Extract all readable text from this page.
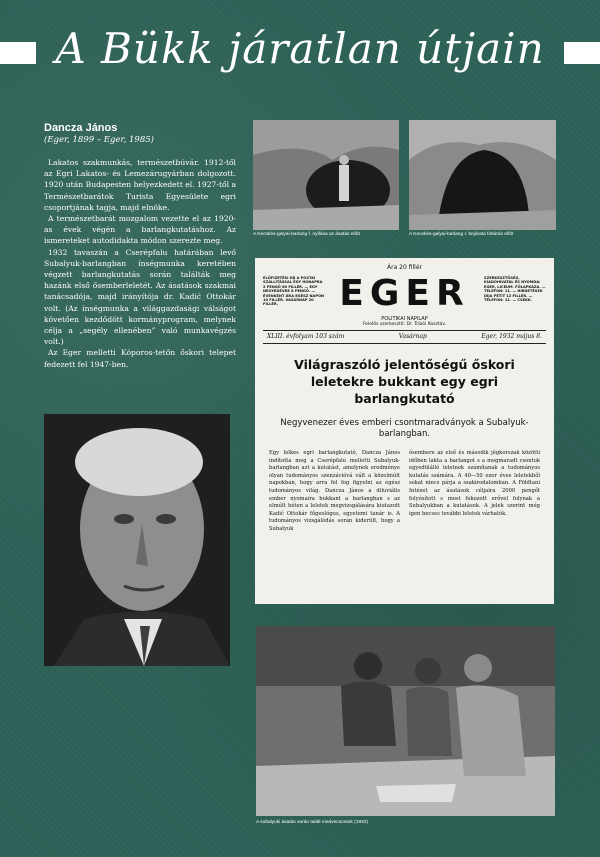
A Bükk járatlan útjain
Dancza János
(Eger, 1899 – Eger, 1985)

Lakatos szakmunkás, természetbúvár. 1912-től az Egri Lakatos- és Lemezárugyárban dolgozott. 1920 után Budapesten helyezkedett el. 1927-től a Természetbarátok Turista Egyesülete egri csoportjának tagja, majd elnöke.

A természetbarát mozgalom vezette el az 1920-as évek végén a barlangkutatáshoz. Az ismereteket autodidakta módon szerezte meg.

1932 tavaszán a Cserépfalu határában levő Subalyuk-barlangban ínségmunka keretében végzett barlangkutatás során találták meg hazánk első ősemberleletét. Az ásatások szakmai tanácsadója, majd irányítója dr. Kadić Ottokár volt. (Az ínségmunka a világgazdasági válságot követően kezdődött kormányprogram, melynek célja a „segély ellenében” való munkavégzés volt.)

Az Eger melletti Kóporos-tetőn őskori telepet fedezett fel 1947-ben.

A Kecskés-galyai-barlang f. nyílása az ásatás előtt	A Kecskés-galyai-barlang I. bejárata feltárás előtt
Ára 20 fillér
ELŐFIZETÉSI DÍJ A POSTAI SZÁLLÍTÁSSAL EGY HÓNAPRA 2 PENGŐ 80 FILLÉR. — EGY NEGYEDÉVRE 8 PENGŐ. — ÉVENKÉNT ÁRA EGÉSZ NAPON 10 FILLÉR. VASÁRNAP 20 FILLÉR.	EGER	SZERKESZTŐSÉG, KIADÓHIVATAL ÉS NYOMDA: EGER, LICEUM. FŐLAPKÁZA. — TELEFON: 11. — HIRDETÉSEK DÍJA PETIT 12 FILLÉR. — TELEFON: 11. — CSEKK.
POLITIKAI NAPILAP
Felelős szerkesztő: Dr. Tribói Kosztáv.
XLIII. évfolyam 103 szám	Vasárnap	Eger, 1932 május 8.
Világraszóló jelentőségű őskori leletekre bukkant egy egri barlangkutató
Negyvenezer éves emberi csontmaradványok a Subalyuk-barlangban.
Egy lelkes egri barlangkutató, Dancza János indította meg a Cserépfalu melletti Subalyuk-barlangban azt a kutatást, amelynek eredménye olyan tudományos szenzációvá vált a közelmúlt napokban, hogy arra fel fog figyelni az egész tudományos világ. Dancza János a diluviális ember nyomaira bukkant a barlangban s az elmúlt héten a leletek megvizsgálására kiutazott Kadić Ottokár főgeológus, egyetemi tanár is. A tudományos vizsgálódás során kiderült, hogy a Subalyuk
ősembere az első és második jégkorszak közötti időben lakta a barlangot s a megmaradt csontok egyedülálló leletnek számítanak a tudományos kutatás számára. A 40—50 ezer éves leletekből sokat nincs párja a szakirodalomban. A Földtani Intézet az ásatások céljaira 2000 pengőt folyósított s most fokozott erővel folynak a Subalyukban a kutatások. A jelek szerint még igen becses további leletek várhatók.
A subalyuki ásatás során talált medvecsontok (1932)
